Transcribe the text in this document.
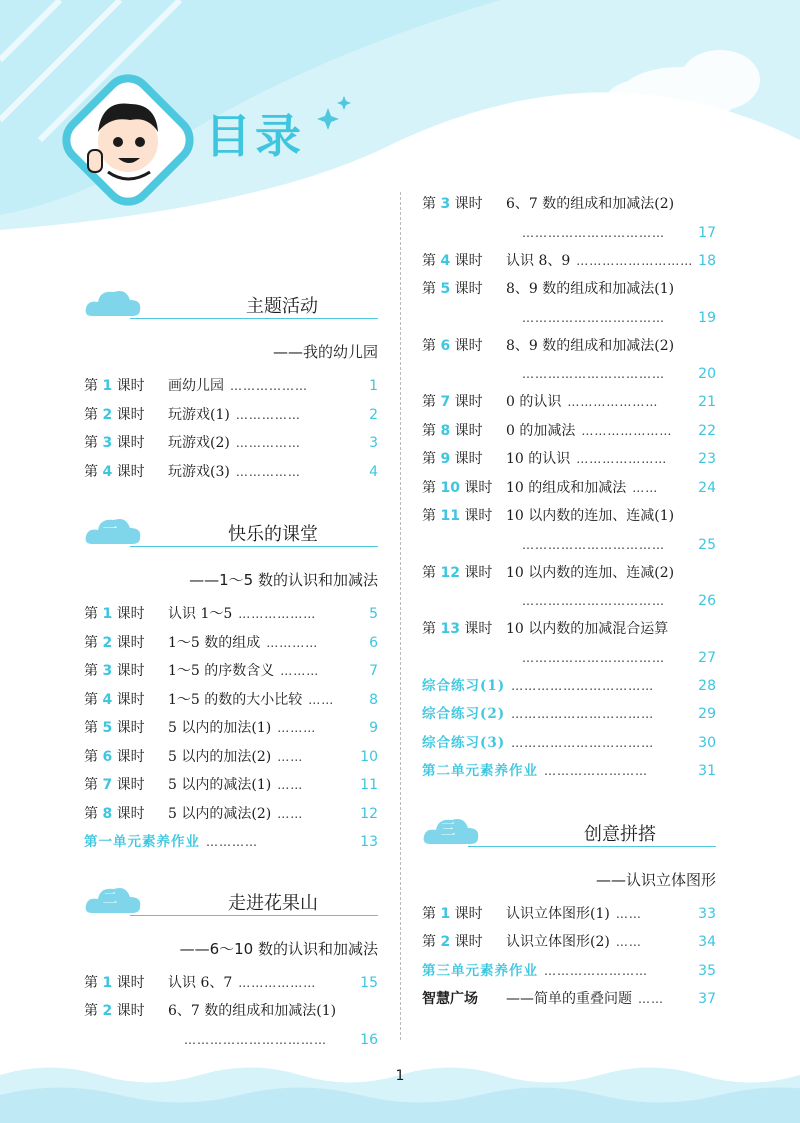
目录
主题活动
——我的幼儿园
第 1 课时 画幼儿园 ………………	1
第 2 课时 玩游戏(1) ……………	2
第 3 课时 玩游戏(2) ……………	3
第 4 课时 玩游戏(3) ……………	4
一	快乐的课堂
——1～5 数的认识和加减法
第 1 课时 认识 1～5 ………………	5
第 2 课时 1～5 数的组成 …………	6
第 3 课时 1～5 的序数含义 ………	7
第 4 课时 1～5 的数的大小比较 …… 8
第 5 课时 5 以内的加法(1) ………	9
第 6 课时 5 以内的加法(2) ……	10
第 7 课时 5 以内的减法(1) ……	11
第 8 课时 5 以内的减法(2) ……	12
第一单元素养作业 …………	13
二	走进花果山
——6～10 数的认识和加减法
第 1 课时 认识 6、7 ………………	15
第 2 课时 6、7 数的组成和加减法(1)
…………………………… 16
第 3 课时 6、7 数的组成和加减法(2)
…………………………… 17
第 4 课时 认识 8、9 ……………………… 18
第 5 课时 8、9 数的组成和加减法(1)
…………………………… 19
第 6 课时 8、9 数的组成和加减法(2)
…………………………… 20
第 7 课时 0 的认识 …………………	21
第 8 课时 0 的加减法 ………………… 22
第 9 课时 10 的认识 ………………… 23
第 10 课时 10 的组成和加减法 ……	24
第 11 课时 10 以内数的连加、连减(1)
…………………………… 25
第 12 课时 10 以内数的连加、连减(2)
…………………………… 26
第 13 课时 10 以内数的加减混合运算
…………………………… 27
综合练习(1) ……………………………	28
综合练习(2) ……………………………	29
综合练习(3) ……………………………	30
第二单元素养作业 ……………………	31
三	创意拼搭
——认识立体图形
第 1 课时 认识立体图形(1) ……	33
第 2 课时 认识立体图形(2) ……	34
第三单元素养作业 ……………………	35
智慧广场 ——简单的重叠问题 …… 37
1
